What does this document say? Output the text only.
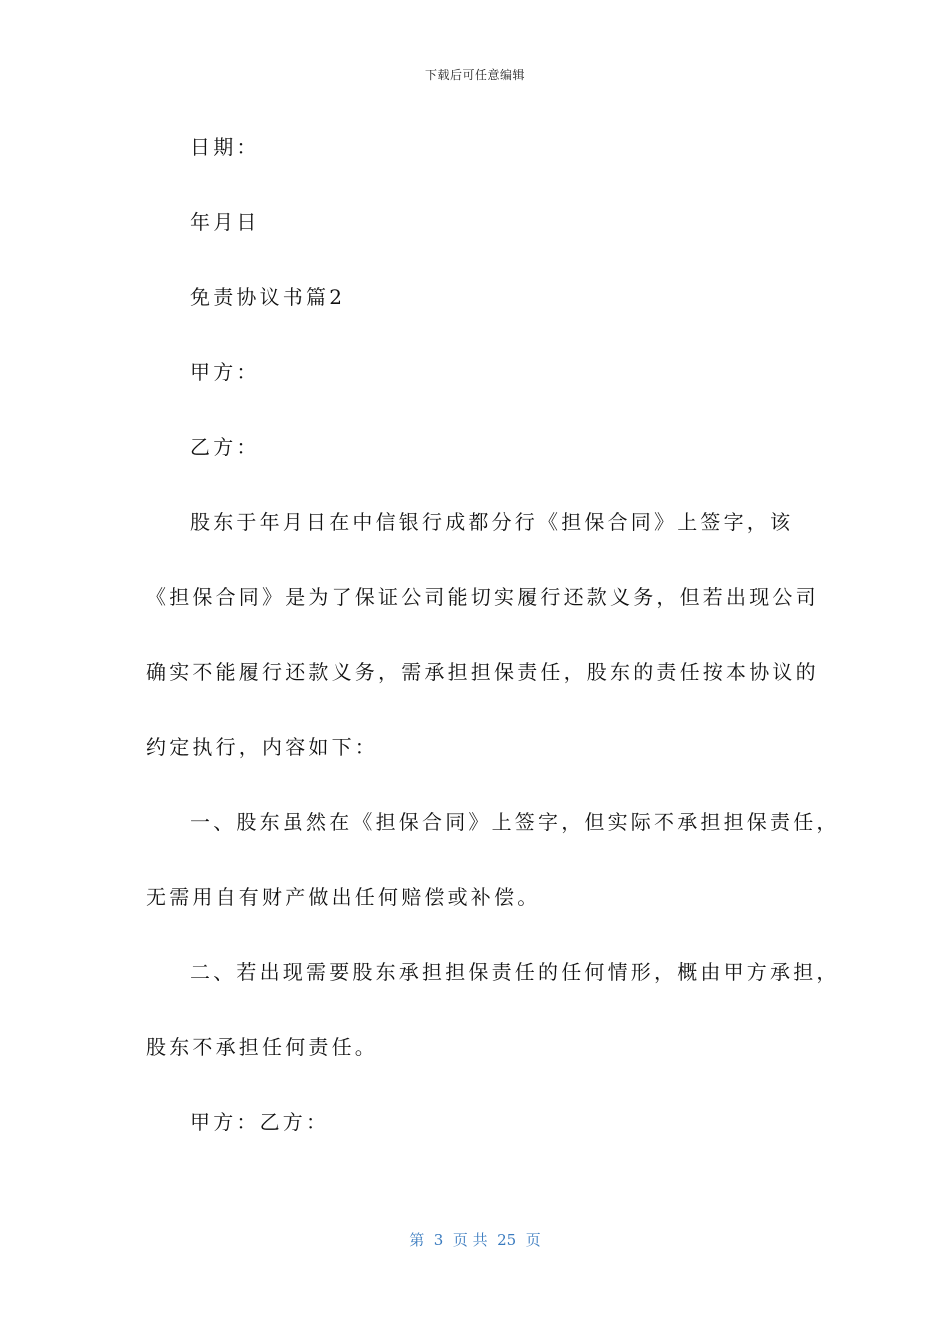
下载后可任意编辑
日期：
年月日
免责协议书篇2
甲方：
乙方：
股东于年月日在中信银行成都分行《担保合同》上签字，该
《担保合同》是为了保证公司能切实履行还款义务，但若出现公司
确实不能履行还款义务，需承担担保责任，股东的责任按本协议的
约定执行，内容如下：
一、股东虽然在《担保合同》上签字，但实际不承担担保责任，
无需用自有财产做出任何赔偿或补偿。
二、若出现需要股东承担担保责任的任何情形，概由甲方承担，
股东不承担任何责任。
甲方：乙方：
第  3  页 共  25  页
